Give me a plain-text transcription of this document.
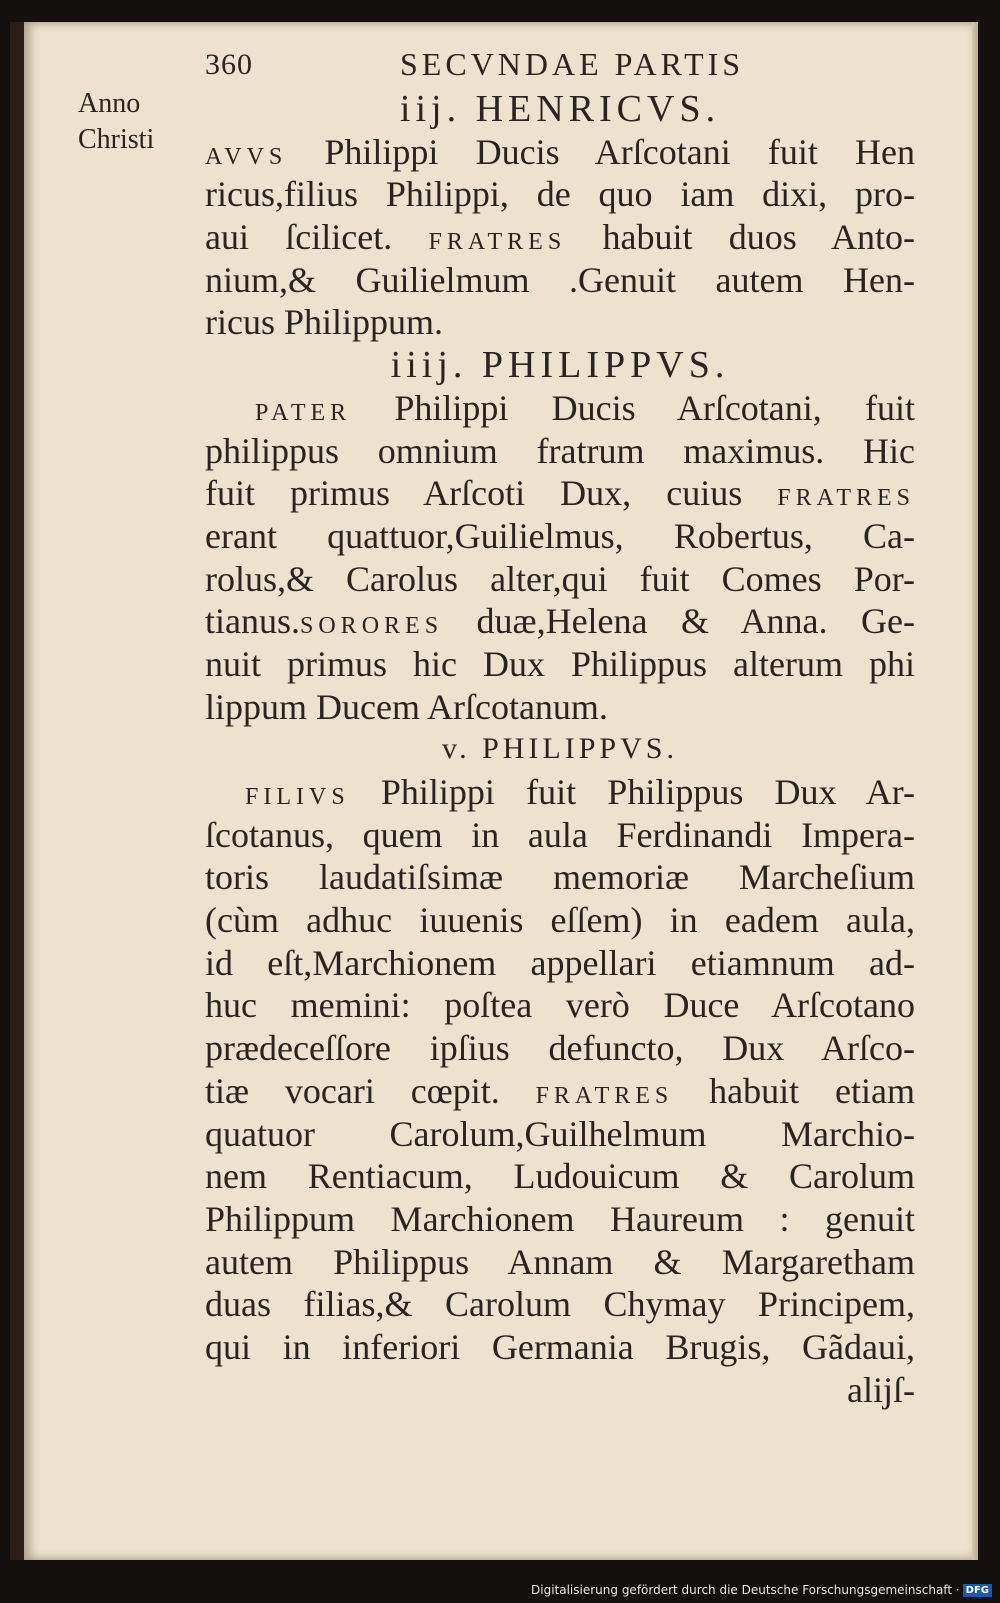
360	SECVNDAE PARTIS
Anno
Christi
iij. HENRICVS.
AVVS Philippi Ducis Arſcotani fuit Hen
ricus,filius Philippi, de quo iam dixi, pro-
aui ſcilicet. FRATRES habuit duos Anto-
nium,& Guilielmum .Genuit autem Hen-
ricus Philippum.
iiij. PHILIPPVS.
PATER Philippi Ducis Arſcotani, fuit
philippus omnium fratrum maximus. Hic
fuit primus Arſcoti Dux, cuius FRATRES
erant quattuor,Guilielmus, Robertus, Ca-
rolus,& Carolus alter,qui fuit Comes Por-
tianus.SORORES duæ,Helena & Anna. Ge-
nuit primus hic Dux Philippus alterum phi
lippum Ducem Arſcotanum.
v. PHILIPPVS.
FILIVS Philippi fuit Philippus Dux Ar-
ſcotanus, quem in aula Ferdinandi Impera-
toris laudatiſsimæ memoriæ Marcheſium
(cùm adhuc iuuenis eſſem) in eadem aula,
id eſt,Marchionem appellari etiamnum ad-
huc memini: poſtea verò Duce Arſcotano
prædeceſſore ipſius defuncto, Dux Arſco-
tiæ vocari cœpit. FRATRES habuit etiam
quatuor Carolum,Guilhelmum Marchio-
nem Rentiacum, Ludouicum & Carolum
Philippum Marchionem Haureum : genuit
autem Philippus Annam & Margaretham
duas filias,& Carolum Chymay Principem,
qui in inferiori Germania Brugis, Gãdaui,
alijſ-
Digitalisierung gefördert durch die Deutsche Forschungsgemeinschaft · DFG
